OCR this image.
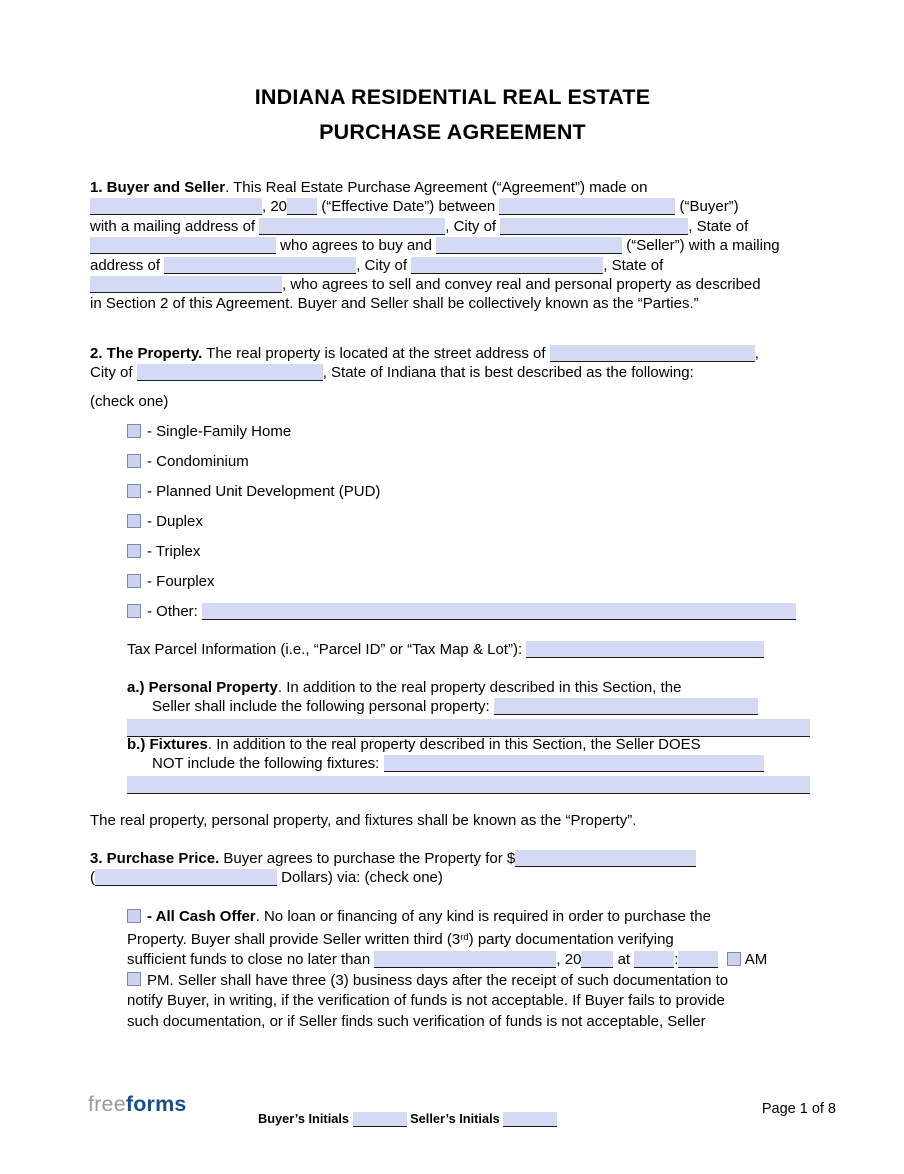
INDIANA RESIDENTIAL REAL ESTATE
PURCHASE AGREEMENT
1. Buyer and Seller. This Real Estate Purchase Agreement (“Agreement”) made on
, 20 (“Effective Date”) between	(“Buyer”)
with a mailing address of	, City of	, State of
who agrees to buy and	(“Seller”) with a mailing
address of	, City of	, State of
, who agrees to sell and convey real and personal property as described
in Section 2 of this Agreement. Buyer and Seller shall be collectively known as the “Parties.”
2. The Property. The real property is located at the street address of	,
City of	, State of Indiana that is best described as the following:
(check one)
- Single-Family Home
- Condominium
- Planned Unit Development (PUD)
- Duplex
- Triplex
- Fourplex
- Other:
Tax Parcel Information (i.e., “Parcel ID” or “Tax Map & Lot”):
a.) Personal Property. In addition to the real property described in this Section, the
Seller shall include the following personal property:
b.) Fixtures. In addition to the real property described in this Section, the Seller DOES
NOT include the following fixtures:
The real property, personal property, and fixtures shall be known as the “Property”.
3. Purchase Price. Buyer agrees to purchase the Property for $
(	Dollars) via: (check one)
- All Cash Offer. No loan or financing of any kind is required in order to purchase the
Property. Buyer shall provide Seller written third (3rd) party documentation verifying
sufficient funds to close no later than	, 20 at	:	AM
PM. Seller shall have three (3) business days after the receipt of such documentation to
notify Buyer, in writing, if the verification of funds is not acceptable. If Buyer fails to provide
such documentation, or if Seller finds such verification of funds is not acceptable, Seller
freeforms
Buyer’s Initials	Seller’s Initials
Page 1 of 8
